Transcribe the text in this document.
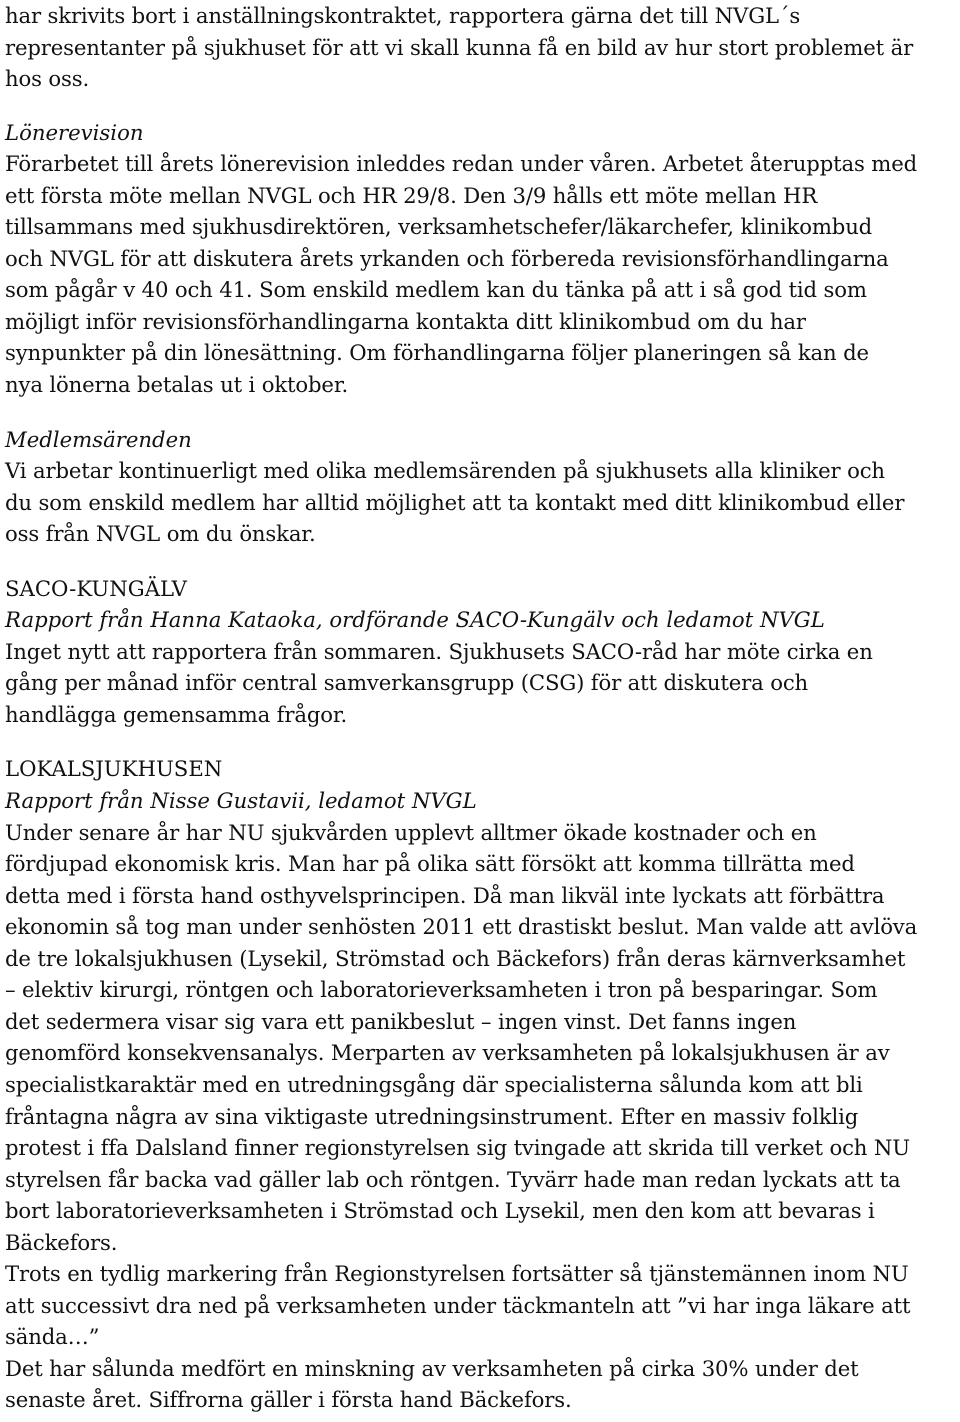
har skrivits bort i anställningskontraktet, rapportera gärna det till NVGL´s
representanter på sjukhuset för att vi skall kunna få en bild av hur stort problemet är
hos oss.

Lönerevision

Förarbetet till årets lönerevision inleddes redan under våren. Arbetet återupptas med
ett första möte mellan NVGL och HR 29/8. Den 3/9 hålls ett möte mellan HR
tillsammans med sjukhusdirektören, verksamhetschefer/läkarchefer, klinikombud
och NVGL för att diskutera årets yrkanden och förbereda revisionsförhandlingarna
som pågår v 40 och 41. Som enskild medlem kan du tänka på att i så god tid som
möjligt inför revisionsförhandlingarna kontakta ditt klinikombud om du har
synpunkter på din lönesättning. Om förhandlingarna följer planeringen så kan de
nya lönerna betalas ut i oktober.

Medlemsärenden

Vi arbetar kontinuerligt med olika medlemsärenden på sjukhusets alla kliniker och
du som enskild medlem har alltid möjlighet att ta kontakt med ditt klinikombud eller
oss från NVGL om du önskar.

SACO-KUNGÄLV

Rapport från Hanna Kataoka, ordförande SACO-Kungälv och ledamot NVGL

Inget nytt att rapportera från sommaren. Sjukhusets SACO-råd har möte cirka en
gång per månad inför central samverkansgrupp (CSG) för att diskutera och
handlägga gemensamma frågor.

LOKALSJUKHUSEN

Rapport från Nisse Gustavii, ledamot NVGL

Under senare år har NU sjukvården upplevt alltmer ökade kostnader och en
fördjupad ekonomisk kris. Man har på olika sätt försökt att komma tillrätta med
detta med i första hand osthyvelsprincipen. Då man likväl inte lyckats att förbättra
ekonomin så tog man under senhösten 2011 ett drastiskt beslut. Man valde att avlöva
de tre lokalsjukhusen (Lysekil, Strömstad och Bäckefors) från deras kärnverksamhet
– elektiv kirurgi, röntgen och laboratorieverksamheten i tron på besparingar. Som
det sedermera visar sig vara ett panikbeslut – ingen vinst. Det fanns ingen
genomförd konsekvensanalys. Merparten av verksamheten på lokalsjukhusen är av
specialistkaraktär med en utredningsgång där specialisterna sålunda kom att bli
fråntagna några av sina viktigaste utredningsinstrument. Efter en massiv folklig
protest i ffa Dalsland finner regionstyrelsen sig tvingade att skrida till verket och NU
styrelsen får backa vad gäller lab och röntgen. Tyvärr hade man redan lyckats att ta
bort laboratorieverksamheten i Strömstad och Lysekil, men den kom att bevaras i
Bäckefors.

Trots en tydlig markering från Regionstyrelsen fortsätter så tjänstemännen inom NU
att successivt dra ned på verksamheten under täckmanteln att ”vi har inga läkare att
sända…”

Det har sålunda medfört en minskning av verksamheten på cirka 30% under det
senaste året. Siffrorna gäller i första hand Bäckefors.
